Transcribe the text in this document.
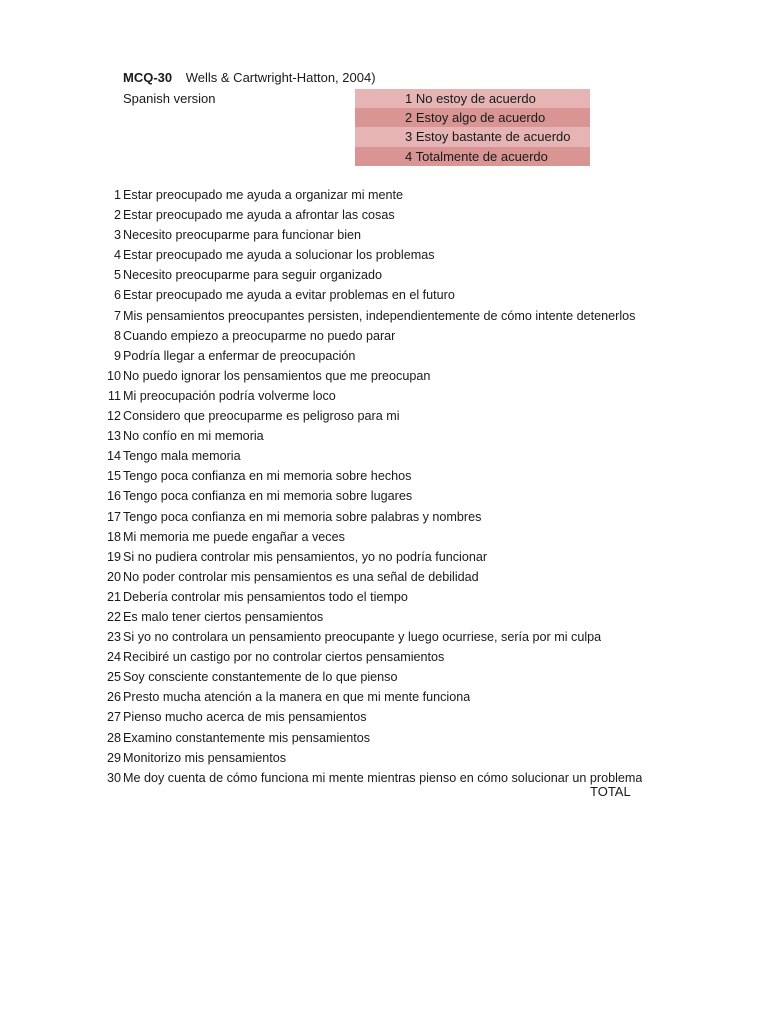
MCQ-30 Wells & Cartwright-Hatton, 2004)
Spanish version	1 No estoy de acuerdo
2 Estoy algo de acuerdo
3 Estoy bastante de acuerdo
4 Totalmente de acuerdo
1 Estar preocupado me ayuda a organizar mi mente
2 Estar preocupado me ayuda a afrontar las cosas
3 Necesito preocuparme para funcionar bien
4 Estar preocupado me ayuda a solucionar los problemas
5 Necesito preocuparme para seguir organizado
6 Estar preocupado me ayuda a evitar problemas en el futuro
7 Mis pensamientos preocupantes persisten, independientemente de cómo intente detenerlos
8 Cuando empiezo a preocuparme no puedo parar
9 Podría llegar a enfermar de preocupación
10 No puedo ignorar los pensamientos que me preocupan
11 Mi preocupación podría volverme loco
12 Considero que preocuparme es peligroso para mi
13 No confío en mi memoria
14 Tengo mala memoria
15 Tengo poca confianza en mi memoria sobre hechos
16 Tengo poca confianza en mi memoria sobre lugares
17 Tengo poca confianza en mi memoria sobre palabras y nombres
18 Mi memoria me puede engañar a veces
19 Si no pudiera controlar mis pensamientos, yo no podría funcionar
20 No poder controlar mis pensamientos es una señal de debilidad
21 Debería controlar mis pensamientos todo el tiempo
22 Es malo tener ciertos pensamientos
23 Si yo no controlara un pensamiento preocupante y luego ocurriese, sería por mi culpa
24 Recibiré un castigo por no controlar ciertos pensamientos
25 Soy consciente constantemente de lo que pienso
26 Presto mucha atención a la manera en que mi mente funciona
27 Pienso mucho acerca de mis pensamientos
28 Examino constantemente mis pensamientos
29 Monitorizo mis pensamientos
30 Me doy cuenta de cómo funciona mi mente mientras pienso en cómo solucionar un problema
TOTAL
